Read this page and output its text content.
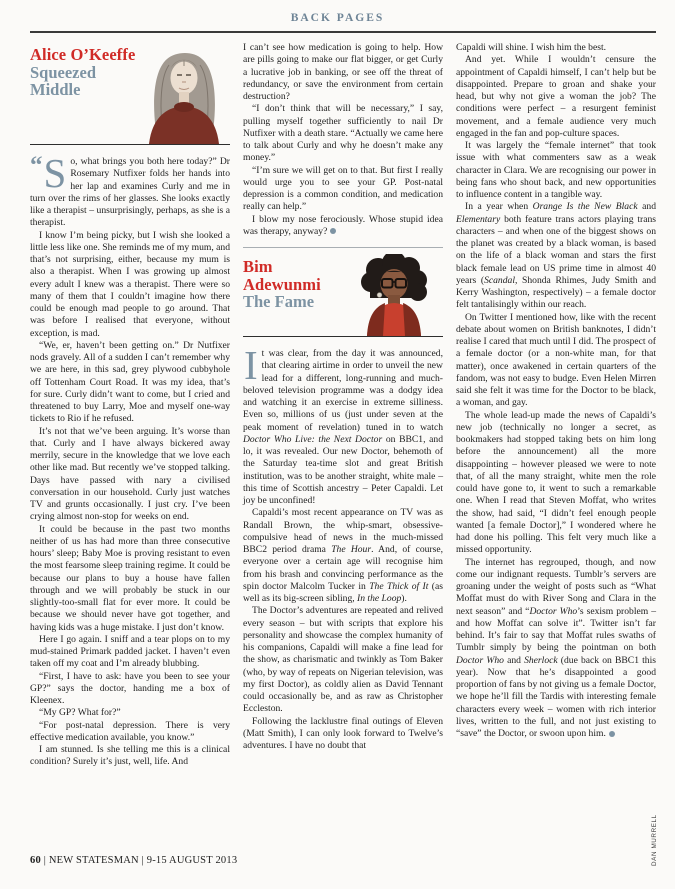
BACK PAGES
Alice O’Keeffe
Squeezed Middle

“ S o, what brings you both here today?” Dr Rosemary Nutfixer folds her hands into her lap and examines Curly and me in turn over the rims of her glasses. She looks exactly like a therapist – unsurprisingly, perhaps, as she is a therapist.

I know I’m being picky, but I wish she looked a little less like one. She reminds me of my mum, and that’s not surprising, either, because my mum is also a therapist. When I was growing up almost every adult I knew was a therapist. There were so many of them that I couldn’t imagine how there could be enough mad people to go around. That was before I realised that everyone, without exception, is mad.

“We, er, haven’t been getting on.” Dr Nutfixer nods gravely. All of a sudden I can’t remember why we are here, in this sad, grey plywood cubbyhole off Tottenham Court Road. It was my idea, that’s for sure. Curly didn’t want to come, but I cried and threatened to buy Larry, Moe and myself one-way tickets to Rio if he refused.

It’s not that we’ve been arguing. It’s worse than that. Curly and I have always bickered away merrily, secure in the knowledge that we love each other like mad. But recently we’ve stopped talking. Days have passed with nary a civilised conversation in our household. Curly just watches TV and grunts occasionally. I just cry. I’ve been crying almost non-stop for weeks on end.

It could be because in the past two months neither of us has had more than three consecutive hours’ sleep; Baby Moe is proving resistant to even the most fearsome sleep training regime. It could be because our plans to buy a house have fallen through and we will probably be stuck in our slightly-too-small flat for ever more. It could be because we should never have got together, and having kids was a huge mistake. I just don’t know.

Here I go again. I sniff and a tear plops on to my mud-stained Primark padded jacket. I haven’t even taken off my coat and I’m already blubbing.

“First, I have to ask: have you been to see your GP?” says the doctor, handing me a box of Kleenex.

“My GP? What for?”

“For post-natal depression. There is very effective medication available, you know.”

I am stunned. Is she telling me this is a clinical condition? Surely it’s just, well, life. And

I can’t see how medication is going to help. How are pills going to make our flat bigger, or get Curly a lucrative job in banking, or see off the threat of redundancy, or save the environment from certain destruction?

“I don’t think that will be necessary,” I say, pulling myself together sufficiently to nail Dr Nutfixer with a death stare. “Actually we came here to talk about Curly and why he doesn’t make any money.”

“I’m sure we will get on to that. But first I really would urge you to see your GP. Post-natal depression is a common condition, and medication really can help.”

I blow my nose ferociously. Whose stupid idea was therapy, anyway?

Bim Adewunmi
The Fame

It was clear, from the day it was announced, that clearing airtime in order to unveil the new lead for a different, long-running and much-beloved television programme was a dodgy idea and watching it an exercise in extreme silliness. Even so, millions of us (just under seven at the peak moment of revelation) tuned in to watch Doctor Who Live: the Next Doctor on BBC1, and lo, it was revealed. Our new Doctor, behemoth of the Saturday tea-time slot and great British institution, was to be another straight, white male – this time of Scottish ancestry – Peter Capaldi. Let joy be unconfined!

Capaldi’s most recent appearance on TV was as Randall Brown, the whip-smart, obsessive-compulsive head of news in the much-missed BBC2 period drama The Hour. And, of course, everyone over a certain age will recognise him from his brash and convincing performance as the spin doctor Malcolm Tucker in The Thick of It (as well as its big-screen sibling, In the Loop).

The Doctor’s adventures are repeated and relived every season – but with scripts that explore his personality and showcase the complex humanity of his companions, Capaldi will make a fine lead for the show, as charismatic and twinkly as Tom Baker (who, by way of repeats on Nigerian television, was my first Doctor), as coldly alien as David Tennant could occasionally be, and as raw as Christopher Eccleston.

Following the lacklustre final outings of Eleven (Matt Smith), I can only look forward to Twelve’s adventures. I have no doubt that

Capaldi will shine. I wish him the best.

And yet. While I wouldn’t censure the appointment of Capaldi himself, I can’t help but be disappointed. Prepare to groan and shake your head, but why not give a woman the job? The conditions were perfect – a resurgent feminist movement, and a female audience very much engaged in the fan and pop-culture spaces.

It was largely the “female internet” that took issue with what commenters saw as a weak character in Clara. We are recognising our power in being fans who shout back, and new opportunities to influence content in a tangible way.

In a year when Orange Is the New Black and Elementary both feature trans actors playing trans characters – and when one of the biggest shows on the planet was created by a black woman, is based on the life of a black woman and stars the first black female lead on US prime time in almost 40 years (Scandal, Shonda Rhimes, Judy Smith and Kerry Washington, respectively) – a female doctor felt tantalisingly within our reach.

On Twitter I mentioned how, like with the recent debate about women on British banknotes, I didn’t realise I cared that much until I did. The prospect of a female doctor (or a non-white man, for that matter), once awakened in certain quarters of the fandom, was not easy to budge. Even Helen Mirren said she felt it was time for the Doctor to be black, a woman, and gay.

The whole lead-up made the news of Capaldi’s new job (technically no longer a secret, as bookmakers had stopped taking bets on him long before the announcement) all the more disappointing – however pleased we were to note that, of all the many straight, white men the role could have gone to, it went to such a remarkable one. When I read that Steven Moffat, who writes the show, had said, “I didn’t feel enough people wanted [a female Doctor],” I wondered where he had done his polling. This felt very much like a missed opportunity.

The internet has regrouped, though, and now come our indignant requests. Tumblr’s servers are groaning under the weight of posts such as “What Moffat must do with River Song and Clara in the next season” and “Doctor Who’s sexism problem – and how Moffat can solve it”. Twitter isn’t far behind. It’s fair to say that Moffat rules swaths of Tumblr simply by being the pointman on both Doctor Who and Sherlock (due back on BBC1 this year). Now that he’s disappointed a good proportion of fans by not giving us a female Doctor, we hope he’ll fill the Tardis with interesting female characters every week – women with rich interior lives, written to the full, and not just existing to “save” the Doctor, or swoon upon him.

60 | NEW STATESMAN | 9-15 AUGUST 2013	DAN MURRELL
